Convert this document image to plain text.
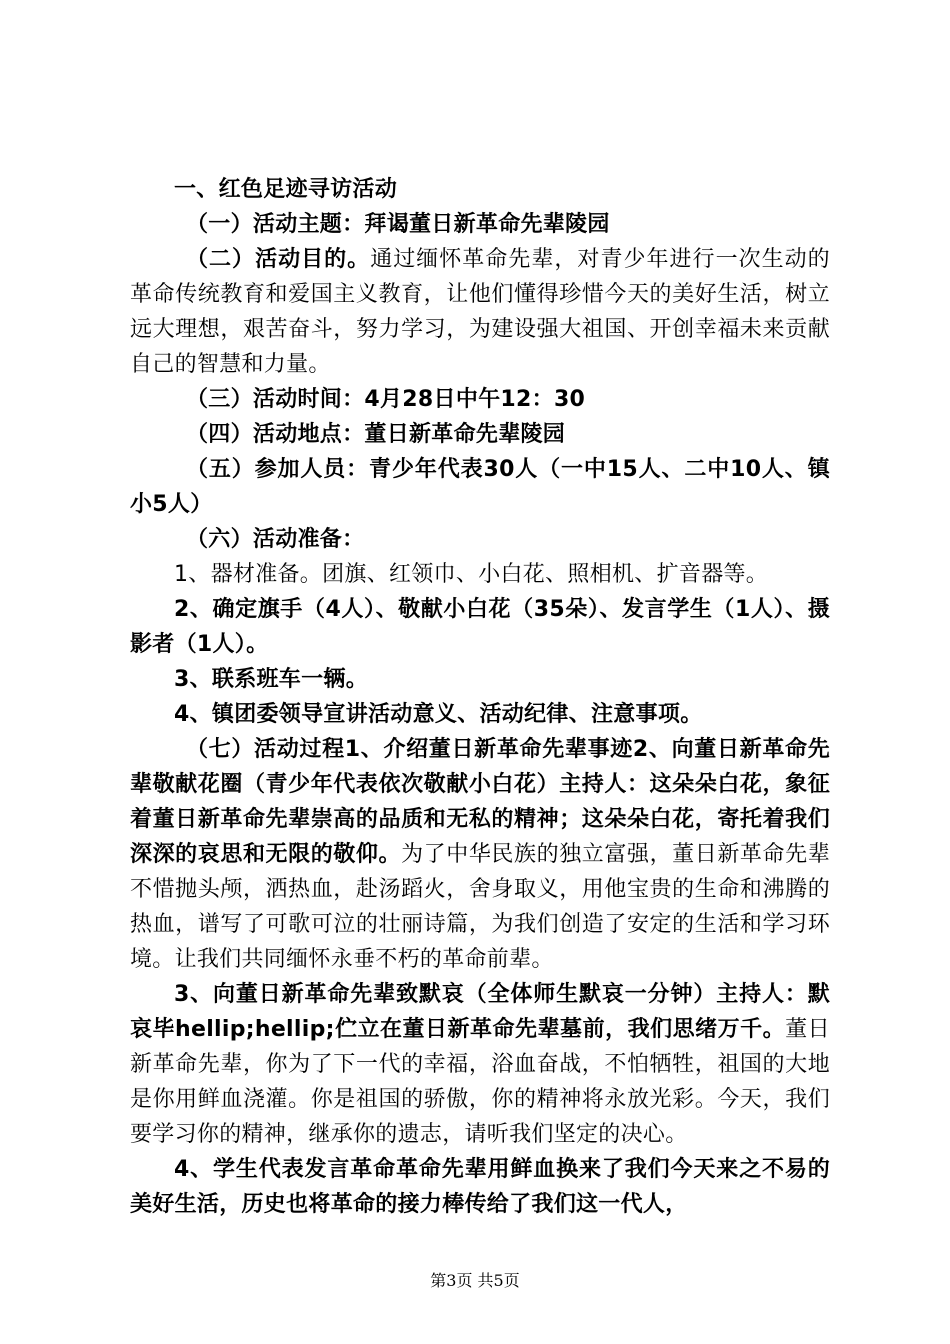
一、红色足迹寻访活动

（一）活动主题：拜谒董日新革命先辈陵园

（二）活动目的。通过缅怀革命先辈，对青少年进行一次生动的革命传统教育和爱国主义教育，让他们懂得珍惜今天的美好生活，树立远大理想，艰苦奋斗，努力学习，为建设强大祖国、开创幸福未来贡献自己的智慧和力量。

（三）活动时间：4月28日中午12：30

（四）活动地点：董日新革命先辈陵园

（五）参加人员：青少年代表30人（一中15人、二中10人、镇小5人）

（六）活动准备：

1、器材准备。团旗、红领巾、小白花、照相机、扩音器等。

2、确定旗手（4人）、敬献小白花（35朵）、发言学生（1人）、摄影者（1人）。

3、联系班车一辆。

4、镇团委领导宣讲活动意义、活动纪律、注意事项。

（七）活动过程1、介绍董日新革命先辈事迹2、向董日新革命先辈敬献花圈（青少年代表依次敬献小白花）主持人：这朵朵白花，象征着董日新革命先辈崇高的品质和无私的精神；这朵朵白花，寄托着我们深深的哀思和无限的敬仰。为了中华民族的独立富强，董日新革命先辈不惜抛头颅，洒热血，赴汤蹈火，舍身取义，用他宝贵的生命和沸腾的热血，谱写了可歌可泣的壮丽诗篇，为我们创造了安定的生活和学习环境。让我们共同缅怀永垂不朽的革命前辈。

3、向董日新革命先辈致默哀（全体师生默哀一分钟）主持人：默哀毕hellip;hellip;伫立在董日新革命先辈墓前，我们思绪万千。董日新革命先辈，你为了下一代的幸福，浴血奋战，不怕牺牲，祖国的大地是你用鲜血浇灌。你是祖国的骄傲，你的精神将永放光彩。今天，我们要学习你的精神，继承你的遗志，请听我们坚定的决心。

4、学生代表发言革命革命先辈用鲜血换来了我们今天来之不易的美好生活，历史也将革命的接力棒传给了我们这一代人，

第3页 共5页
